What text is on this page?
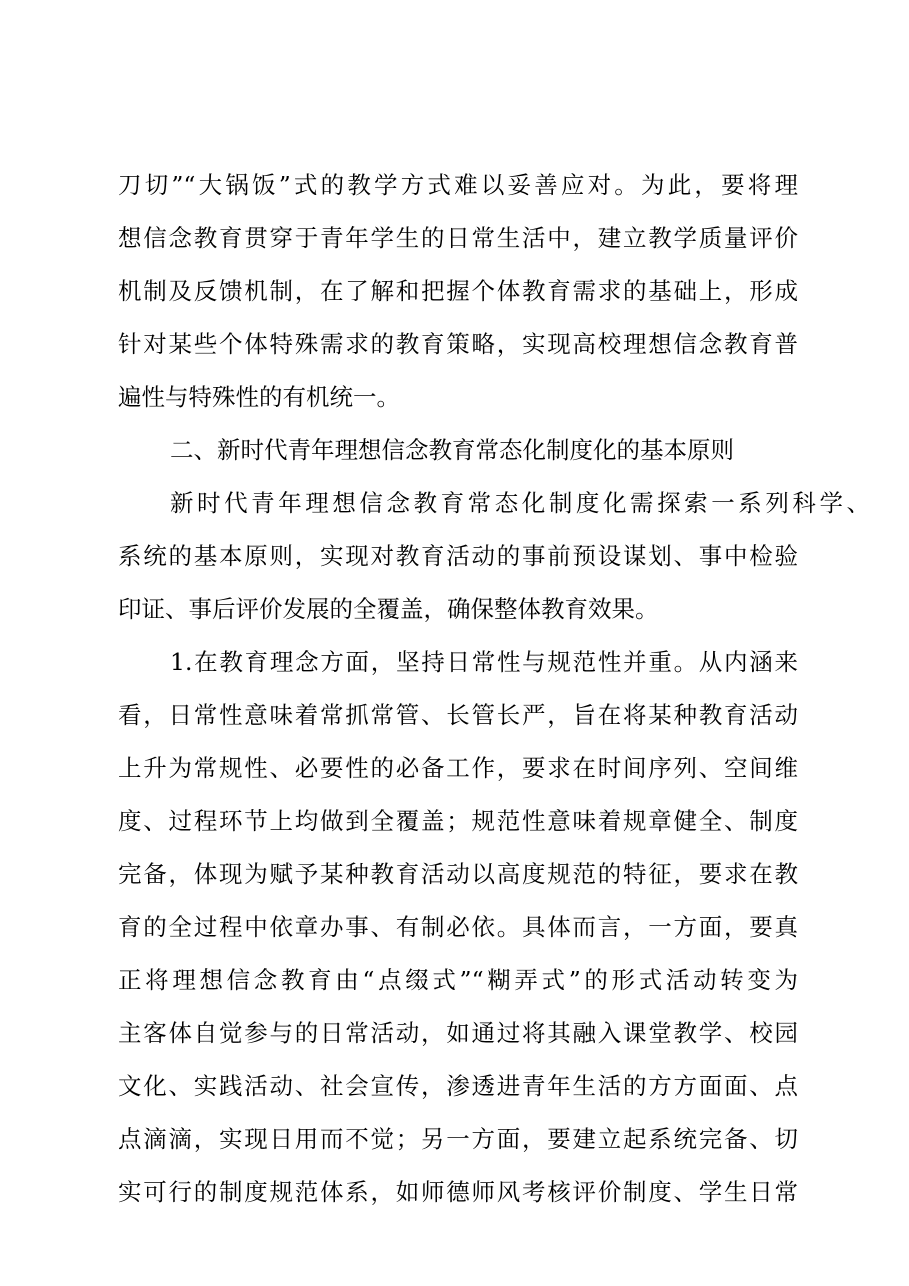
刀切”“大锅饭”式的教学方式难以妥善应对。为此，要将理
想信念教育贯穿于青年学生的日常生活中，建立教学质量评价
机制及反馈机制，在了解和把握个体教育需求的基础上，形成
针对某些个体特殊需求的教育策略，实现高校理想信念教育普
遍性与特殊性的有机统一。
二、新时代青年理想信念教育常态化制度化的基本原则
新时代青年理想信念教育常态化制度化需探索一系列科学、
系统的基本原则，实现对教育活动的事前预设谋划、事中检验
印证、事后评价发展的全覆盖，确保整体教育效果。
1.在教育理念方面，坚持日常性与规范性并重。从内涵来
看，日常性意味着常抓常管、长管长严，旨在将某种教育活动
上升为常规性、必要性的必备工作，要求在时间序列、空间维
度、过程环节上均做到全覆盖；规范性意味着规章健全、制度
完备，体现为赋予某种教育活动以高度规范的特征，要求在教
育的全过程中依章办事、有制必依。具体而言，一方面，要真
正将理想信念教育由“点缀式”“糊弄式”的形式活动转变为
主客体自觉参与的日常活动，如通过将其融入课堂教学、校园
文化、实践活动、社会宣传，渗透进青年生活的方方面面、点
点滴滴，实现日用而不觉；另一方面，要建立起系统完备、切
实可行的制度规范体系，如师德师风考核评价制度、学生日常
